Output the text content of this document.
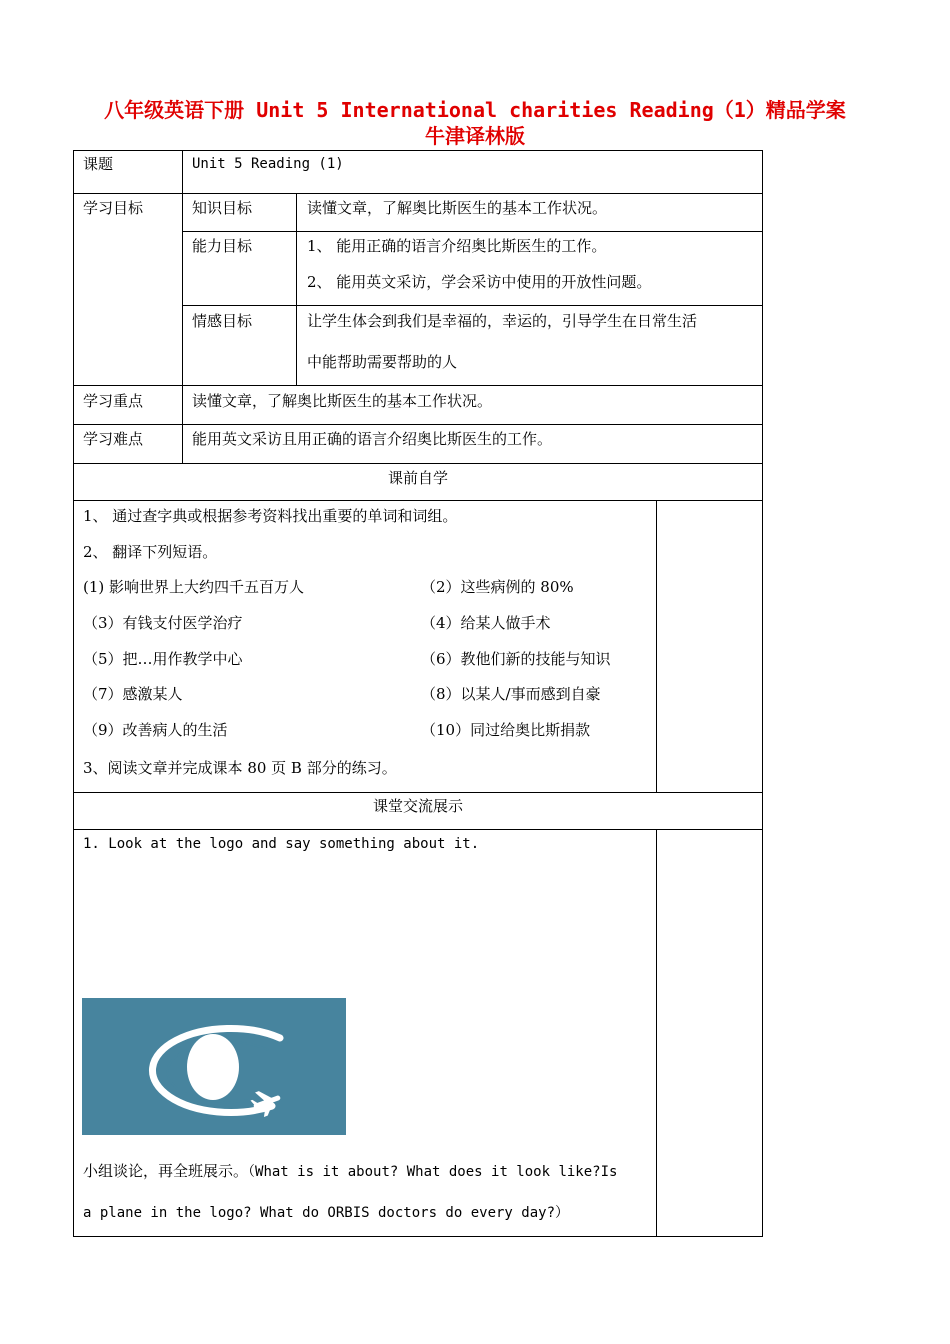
八年级英语下册 Unit 5 International charities Reading（1）精品学案
牛津译林版
课题	Unit 5 Reading (1)
学习目标	知识目标	读懂文章，了解奥比斯医生的基本工作状况。
能力目标	1、 能用正确的语言介绍奥比斯医生的工作。
2、 能用英文采访，学会采访中使用的开放性问题。
情感目标	让学生体会到我们是幸福的，幸运的，引导学生在日常生活
中能帮助需要帮助的人
学习重点	读懂文章，了解奥比斯医生的基本工作状况。
学习难点	能用英文采访且用正确的语言介绍奥比斯医生的工作。
课前自学
1、 通过查字典或根据参考资料找出重要的单词和词组。
2、 翻译下列短语。
(1) 影响世界上大约四千五百万人	（2）这些病例的 80%
（3）有钱支付医学治疗	（4）给某人做手术
（5）把…用作教学中心	（6）教他们新的技能与知识
（7）感激某人	（8）以某人/事而感到自豪
（9）改善病人的生活	（10）同过给奥比斯捐款
3、阅读文章并完成课本 80 页 B 部分的练习。
课堂交流展示
1. Look at the logo and say something about it.
小组谈论，再全班展示。（What is it about? What does it look like?Is
a plane in the logo? What do ORBIS doctors do every day?）
